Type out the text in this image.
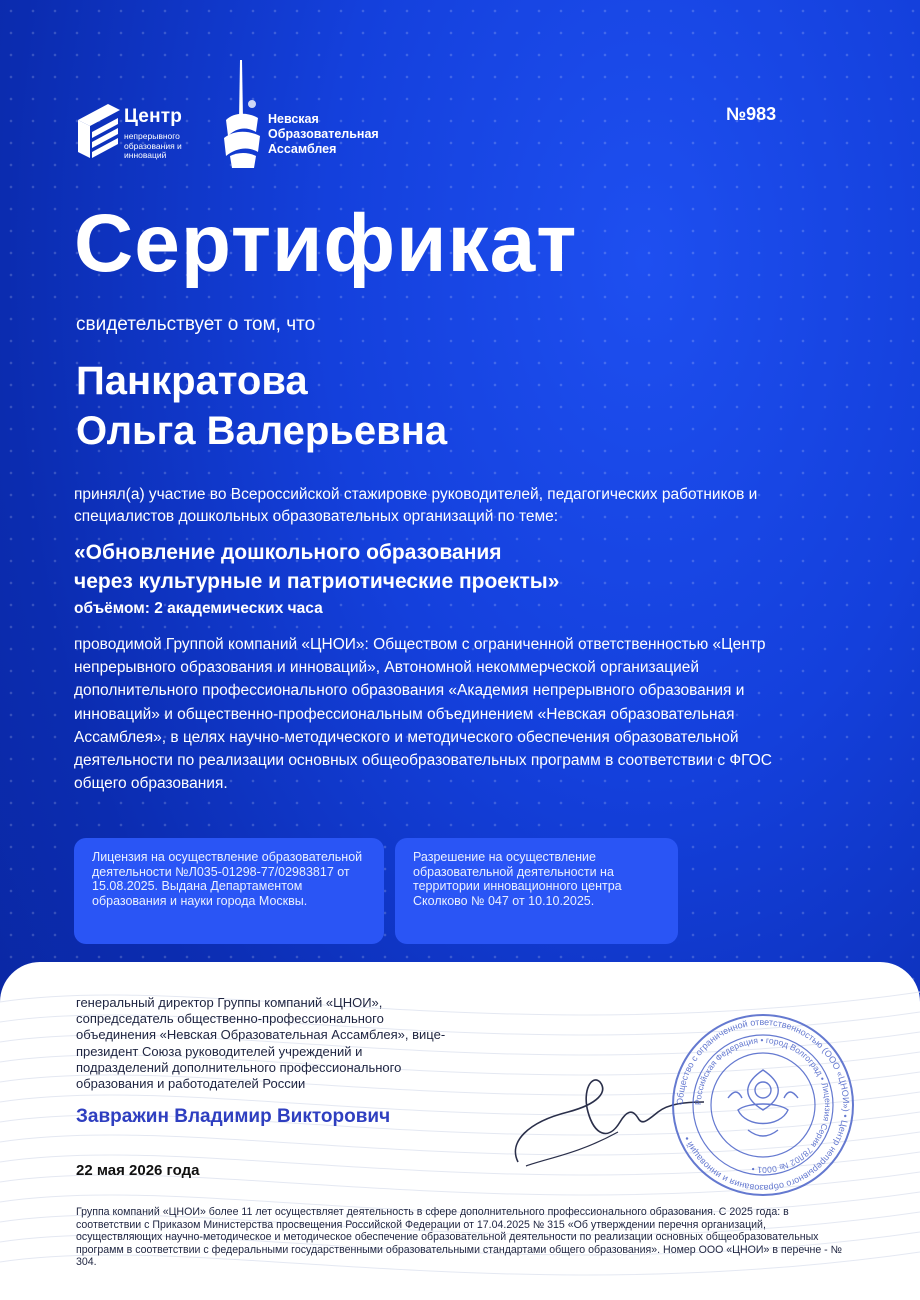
Центр
непрерывного образования и инноваций
Невская Образовательная Ассамблея
№983
Сертификат
свидетельствует о том, что
Панкратова
Ольга Валерьевна
принял(а) участие во Всероссийской стажировке руководителей, педагогических работников и специалистов дошкольных образовательных организаций по теме:
«Обновление дошкольного образования
через культурные и патриотические проекты»
объёмом: 2 академических часа
проводимой Группой компаний «ЦНОИ»: Обществом с ограниченной ответственностью «Центр непрерывного образования и инноваций», Автономной некоммерческой организацией дополнительного профессионального образования «Академия непрерывного образования и инноваций» и общественно-профессиональным объединением «Невская образовательная Ассамблея», в целях научно-методического и методического обеспечения образовательной деятельности по реализации основных общеобразовательных программ в соответствии с ФГОС общего образования.
Лицензия на осуществление образовательной деятельности №Л035-01298-77/02983817 от 15.08.2025. Выдана Департаментом образования и науки города Москвы.
Разрешение на осуществление образовательной деятельности на территории инновационного центра Сколково № 047 от 10.10.2025.
генеральный директор Группы компаний «ЦНОИ», сопредседатель общественно-профессионального объединения «Невская Образовательная Ассамблея», вице-президент Союза руководителей учреждений и подразделений дополнительного профессионального образования и работодателей России
Завражин Владимир Викторович
22 мая 2026 года
Общество с ограниченной ответственностью (ООО «ЦНОИ») • Центр непрерывного образования и инноваций •
Российская Федерация • город Волгоград • Лицензия Серия 78Л02 № 0001 •
Группа компаний «ЦНОИ» более 11 лет осуществляет деятельность в сфере дополнительного профессионального образования. С 2025 года: в соответствии с Приказом Министерства просвещения Российской Федерации от 17.04.2025 № 315 «Об утверждении перечня организаций, осуществляющих научно-методическое и методическое обеспечение образовательной деятельности по реализации основных общеобразовательных программ в соответствии с федеральными государственными образовательными стандартами общего образования». Номер ООО «ЦНОИ» в перечне - № 304.
